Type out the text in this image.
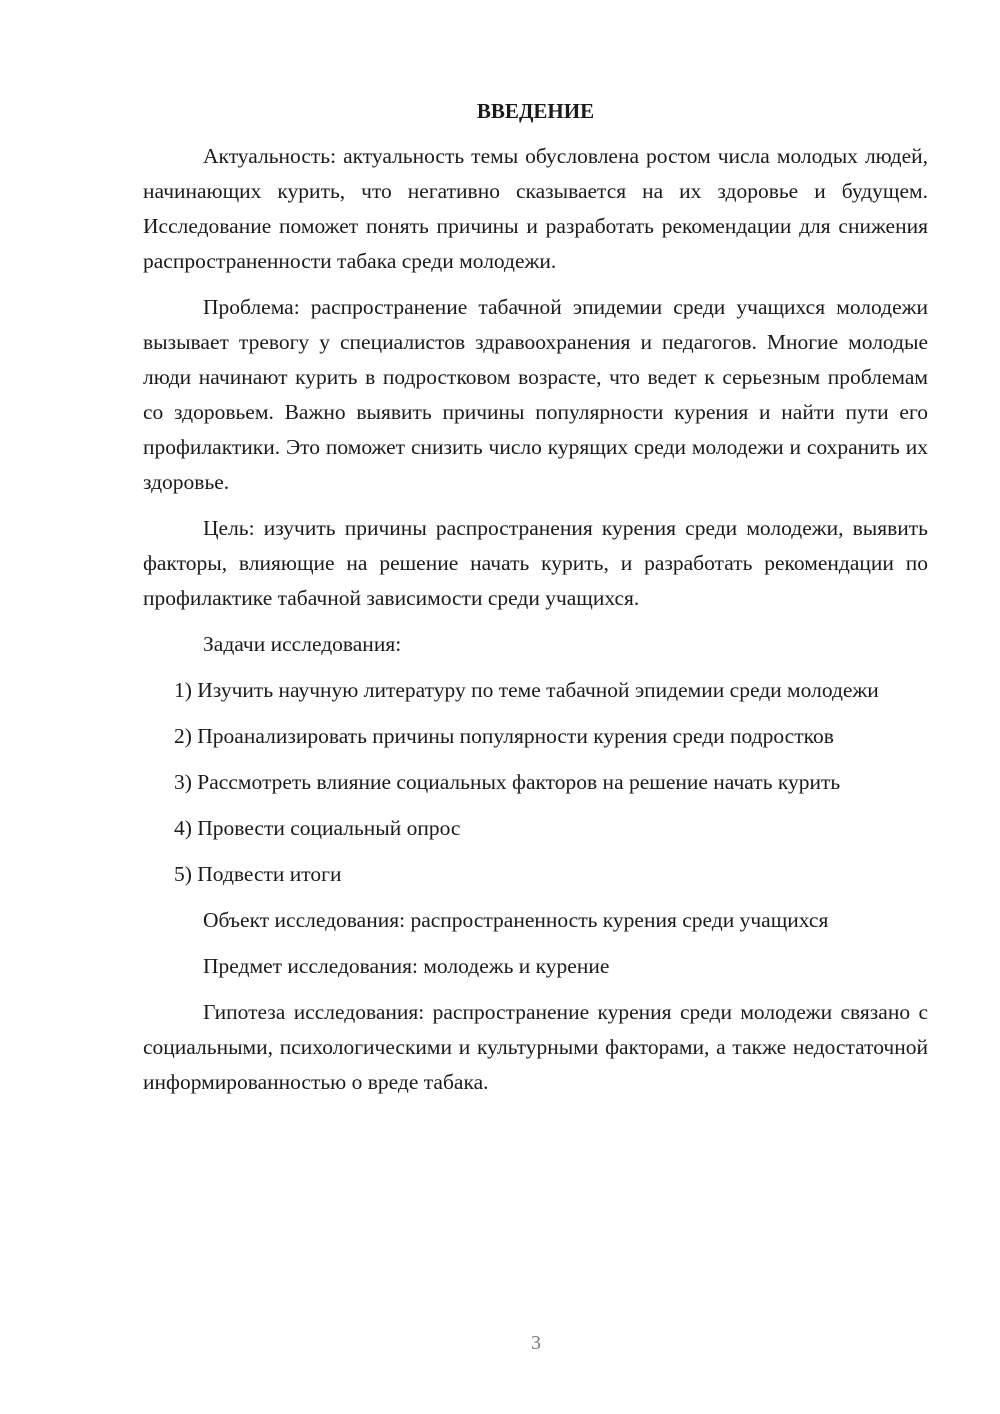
ВВЕДЕНИЕ

Актуальность: актуальность темы обусловлена ростом числа молодых людей, начинающих курить, что негативно сказывается на их здоровье и будущем. Исследование поможет понять причины и разработать рекомендации для снижения распространенности табака среди молодежи.

Проблема: распространение табачной эпидемии среди учащихся молодежи вызывает тревогу у специалистов здравоохранения и педагогов. Многие молодые люди начинают курить в подростковом возрасте, что ведет к серьезным проблемам со здоровьем. Важно выявить причины популярности курения и найти пути его профилактики. Это поможет снизить число курящих среди молодежи и сохранить их здоровье.

Цель: изучить причины распространения курения среди молодежи, выявить факторы, влияющие на решение начать курить, и разработать рекомендации по профилактике табачной зависимости среди учащихся.

Задачи исследования:

1) Изучить научную литературу по теме табачной эпидемии среди молодежи

2) Проанализировать причины популярности курения среди подростков

3) Рассмотреть влияние социальных факторов на решение начать курить

4) Провести социальный опрос

5) Подвести итоги

Объект исследования: распространенность курения среди учащихся

Предмет исследования: молодежь и курение

Гипотеза исследования: распространение курения среди молодежи связано с социальными, психологическими и культурными факторами, а также недостаточной информированностью о вреде табака.

3
